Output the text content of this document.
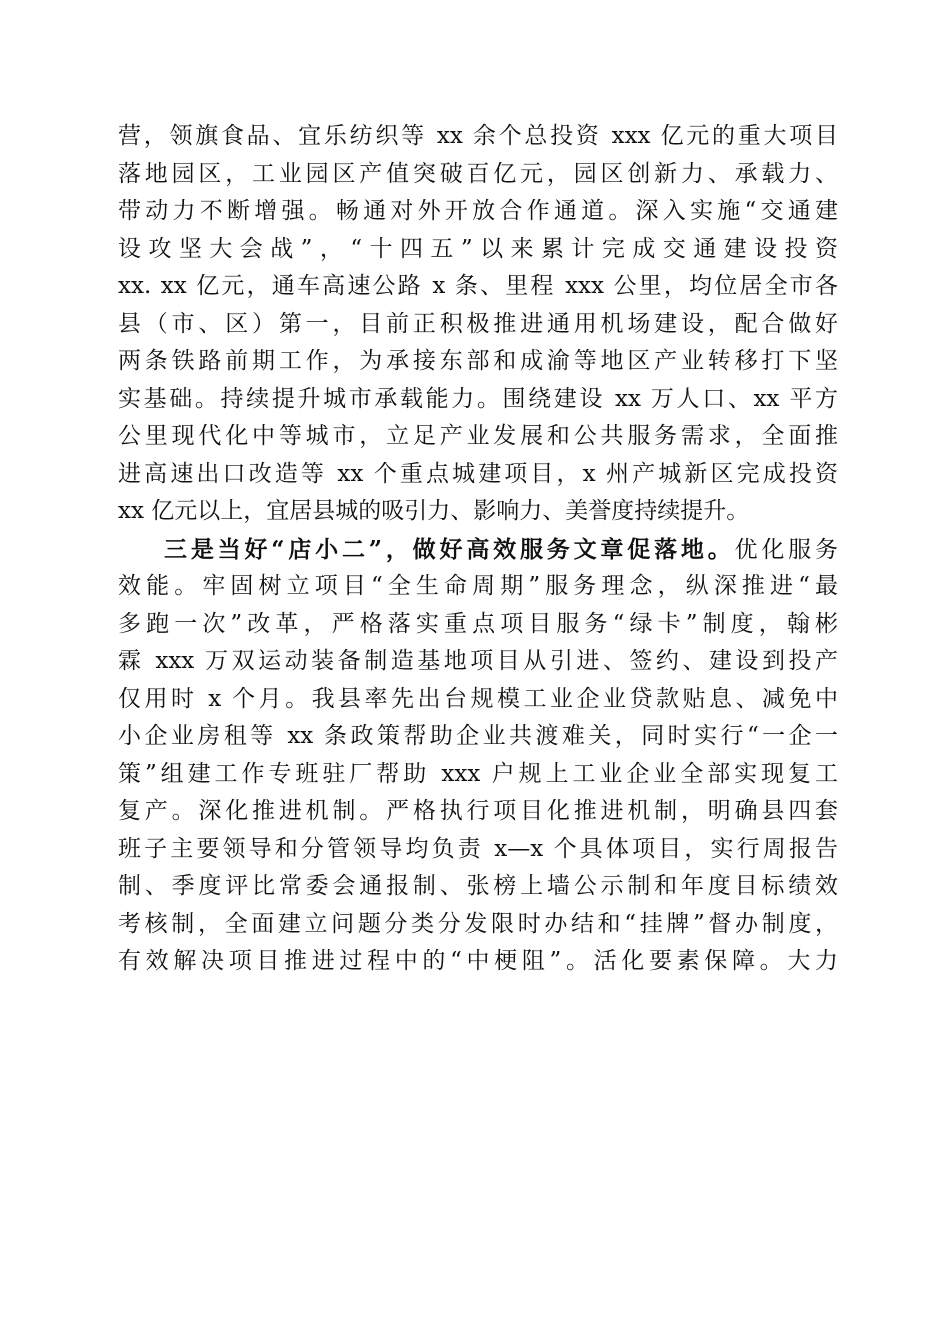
营，领旗食品、宜乐纺织等 xx 余个总投资 xxx 亿元的重大项目
落地园区，工业园区产值突破百亿元，园区创新力、承载力、
带动力不断增强。畅通对外开放合作通道。深入实施“交通建
设攻坚大会战”，“十四五”以来累计完成交通建设投资
xx. xx 亿元，通车高速公路 x 条、里程 xxx 公里，均位居全市各
县（市、区）第一，目前正积极推进通用机场建设，配合做好
两条铁路前期工作，为承接东部和成渝等地区产业转移打下坚
实基础。持续提升城市承载能力。围绕建设 xx 万人口、xx 平方
公里现代化中等城市，立足产业发展和公共服务需求，全面推
进高速出口改造等 xx 个重点城建项目，x 州产城新区完成投资
xx 亿元以上，宜居县城的吸引力、影响力、美誉度持续提升。
三是当好“店小二”，做好高效服务文章促落地。优化服务
效能。牢固树立项目“全生命周期”服务理念，纵深推进“最
多跑一次”改革，严格落实重点项目服务“绿卡”制度，翰彬
霖 xxx 万双运动装备制造基地项目从引进、签约、建设到投产
仅用时 x 个月。我县率先出台规模工业企业贷款贴息、减免中
小企业房租等 xx 条政策帮助企业共渡难关，同时实行“一企一
策”组建工作专班驻厂帮助 xxx 户规上工业企业全部实现复工
复产。深化推进机制。严格执行项目化推进机制，明确县四套
班子主要领导和分管领导均负责 x—x 个具体项目，实行周报告
制、季度评比常委会通报制、张榜上墙公示制和年度目标绩效
考核制，全面建立问题分类分发限时办结和“挂牌”督办制度，
有效解决项目推进过程中的“中梗阻”。活化要素保障。大力
